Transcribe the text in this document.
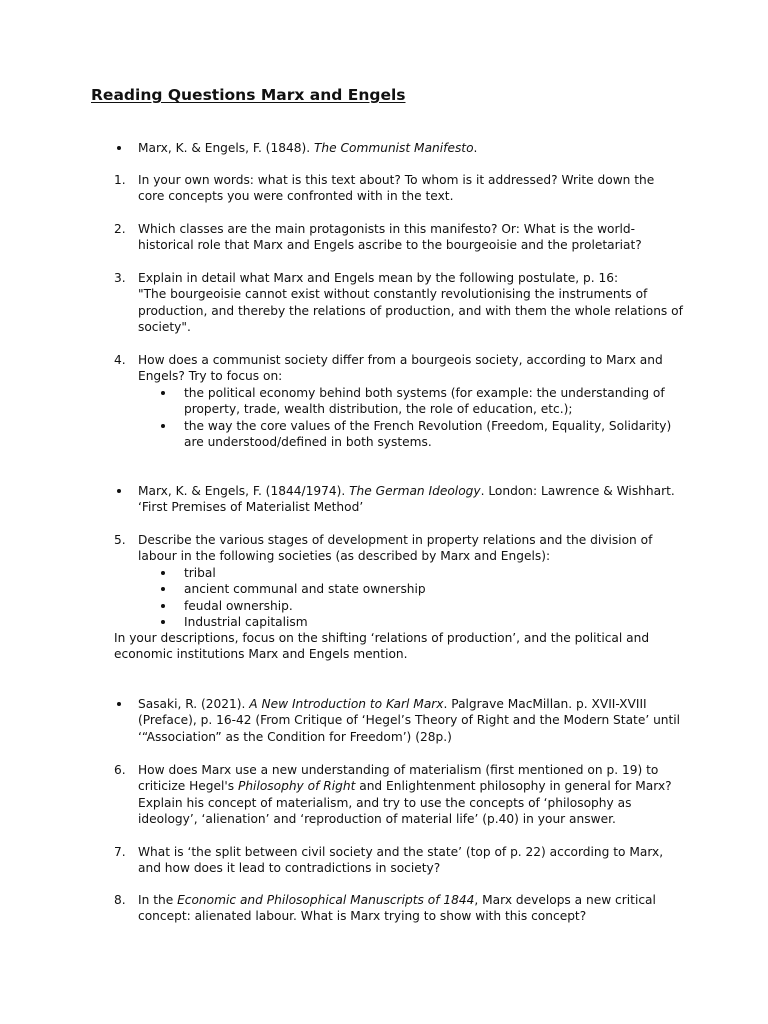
Reading Questions Marx and Engels
Marx, K. & Engels, F. (1848). The Communist Manifesto.
1. In your own words: what is this text about? To whom is it addressed? Write down the core concepts you were confronted with in the text.
2. Which classes are the main protagonists in this manifesto? Or: What is the world-historical role that Marx and Engels ascribe to the bourgeoisie and the proletariat?
3. Explain in detail what Marx and Engels mean by the following postulate, p. 16:
"The bourgeoisie cannot exist without constantly revolutionising the instruments of production, and thereby the relations of production, and with them the whole relations of society".
4. How does a communist society differ from a bourgeois society, according to Marx and Engels? Try to focus on:
the political economy behind both systems (for example: the understanding of property, trade, wealth distribution, the role of education, etc.);
the way the core values of the French Revolution (Freedom, Equality, Solidarity) are understood/defined in both systems.
Marx, K. & Engels, F. (1844/1974). The German Ideology. London: Lawrence & Wishhart.
‘First Premises of Materialist Method’
5. Describe the various stages of development in property relations and the division of labour in the following societies (as described by Marx and Engels):
tribal
ancient communal and state ownership
feudal ownership.
Industrial capitalism
In your descriptions, focus on the shifting ‘relations of production’, and the political and economic institutions Marx and Engels mention.
Sasaki, R. (2021). A New Introduction to Karl Marx. Palgrave MacMillan. p. XVII-XVIII (Preface), p. 16-42 (From Critique of ‘Hegel’s Theory of Right and the Modern State’ until ‘“Association” as the Condition for Freedom’) (28p.)
6. How does Marx use a new understanding of materialism (first mentioned on p. 19) to criticize Hegel's Philosophy of Right and Enlightenment philosophy in general for Marx? Explain his concept of materialism, and try to use the concepts of ‘philosophy as ideology’, ‘alienation’ and ‘reproduction of material life’ (p.40) in your answer.
7. What is ‘the split between civil society and the state’ (top of p. 22) according to Marx, and how does it lead to contradictions in society?
8. In the Economic and Philosophical Manuscripts of 1844, Marx develops a new critical concept: alienated labour. What is Marx trying to show with this concept?
